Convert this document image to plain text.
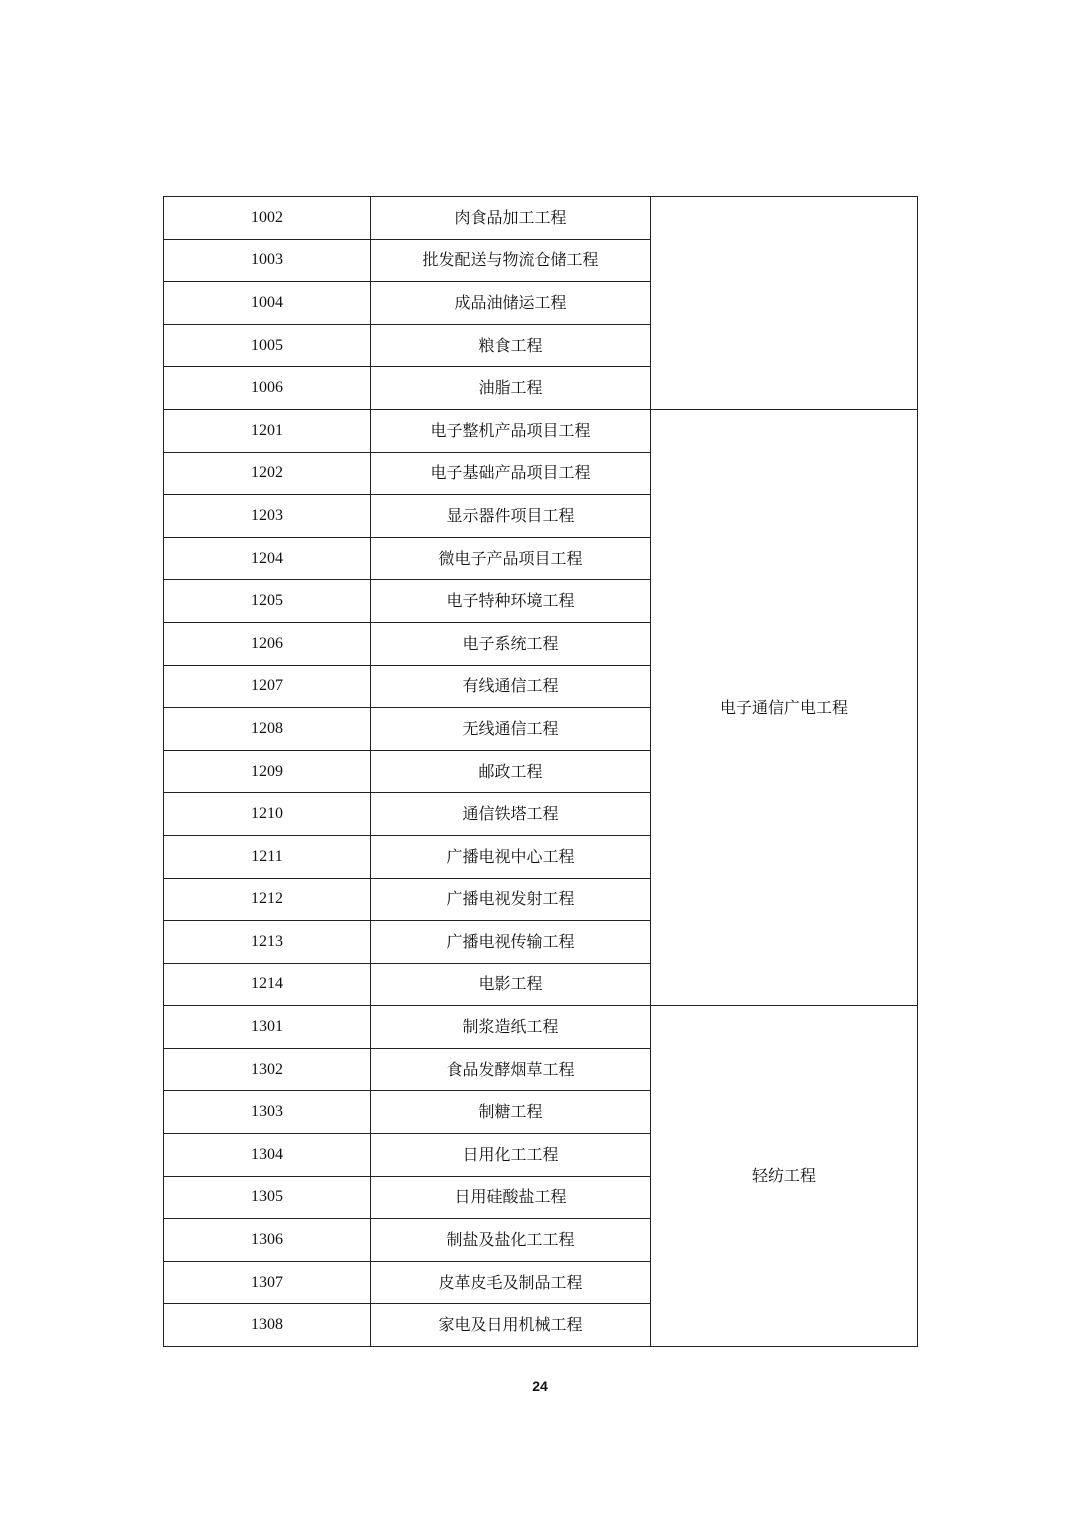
1002	肉食品加工工程	
1003	批发配送与物流仓储工程	
1004	成品油储运工程	
1005	粮食工程	
1006	油脂工程	
1201	电子整机产品项目工程	电子通信广电工程
1202	电子基础产品项目工程	
1203	显示器件项目工程	
1204	微电子产品项目工程	
1205	电子特种环境工程	
1206	电子系统工程	
1207	有线通信工程	
1208	无线通信工程	
1209	邮政工程	
1210	通信铁塔工程	
1211	广播电视中心工程	
1212	广播电视发射工程	
1213	广播电视传输工程	
1214	电影工程	
1301	制浆造纸工程	轻纺工程
1302	食品发酵烟草工程	
1303	制糖工程	
1304	日用化工工程	
1305	日用硅酸盐工程	
1306	制盐及盐化工工程	
1307	皮革皮毛及制品工程	
1308	家电及日用机械工程	
24
